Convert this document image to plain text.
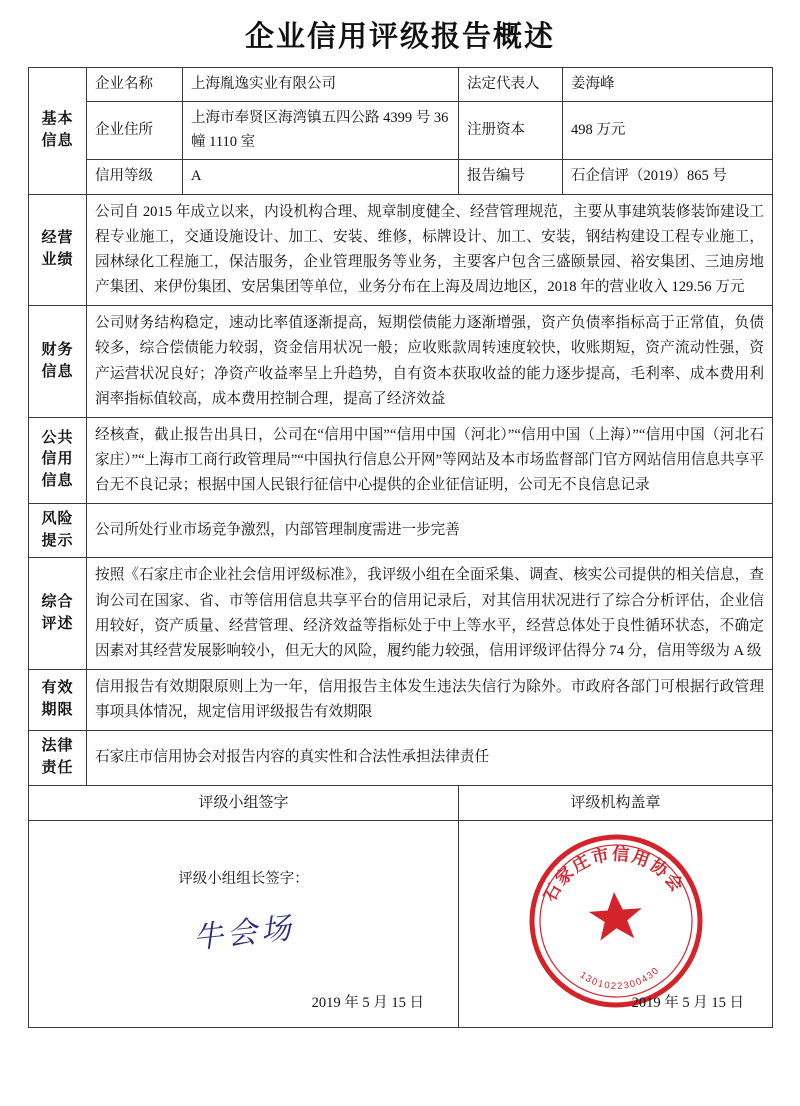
企业信用评级报告概述
基本信息	企业名称	上海胤逸实业有限公司	法定代表人	姜海峰
	企业住所	上海市奉贤区海湾镇五四公路 4399 号 36 幢 1110 室	注册资本	498 万元
	信用等级	A	报告编号	石企信评（2019）865 号
经营业绩	公司自 2015 年成立以来，内设机构合理、规章制度健全、经营管理规范，主要从事建筑装修装饰建设工程专业施工，交通设施设计、加工、安装、维修，标牌设计、加工、安装，钢结构建设工程专业施工，园林绿化工程施工，保洁服务，企业管理服务等业务，主要客户包含三盛颐景园、裕安集团、三迪房地产集团、来伊份集团、安居集团等单位，业务分布在上海及周边地区，2018 年的营业收入 129.56 万元			
财务信息	公司财务结构稳定，速动比率值逐渐提高，短期偿债能力逐渐增强，资产负债率指标高于正常值，负债较多，综合偿债能力较弱，资金信用状况一般；应收账款周转速度较快，收账期短，资产流动性强，资产运营状况良好；净资产收益率呈上升趋势，自有资本获取收益的能力逐步提高，毛利率、成本费用利润率指标值较高，成本费用控制合理，提高了经济效益			
公共信用信息	经核查，截止报告出具日，公司在“信用中国”“信用中国（河北）”“信用中国（上海）”“信用中国（河北石家庄）”“上海市工商行政管理局”“中国执行信息公开网”等网站及本市场监督部门官方网站信用信息共享平台无不良记录；根据中国人民银行征信中心提供的企业征信证明，公司无不良信息记录			
风险提示	公司所处行业市场竞争激烈，内部管理制度需进一步完善			
综合评述	按照《石家庄市企业社会信用评级标准》，我评级小组在全面采集、调查、核实公司提供的相关信息，查询公司在国家、省、市等信用信息共享平台的信用记录后，对其信用状况进行了综合分析评估，企业信用较好，资产质量、经营管理、经济效益等指标处于中上等水平，经营总体处于良性循环状态，不确定因素对其经营发展影响较小，但无大的风险，履约能力较强，信用评级评估得分 74 分，信用等级为 A 级			
有效期限	信用报告有效期限原则上为一年，信用报告主体发生违法失信行为除外。市政府各部门可根据行政管理事项具体情况，规定信用评级报告有效期限			
法律责任	石家庄市信用协会对报告内容的真实性和合法性承担法律责任			
评级小组签字			评级机构盖章	

评级小组组长签字：
牛会场
2019 年 5 月 15 日

石家庄市信用协会
1301022300430
2019 年 5 月 15 日
